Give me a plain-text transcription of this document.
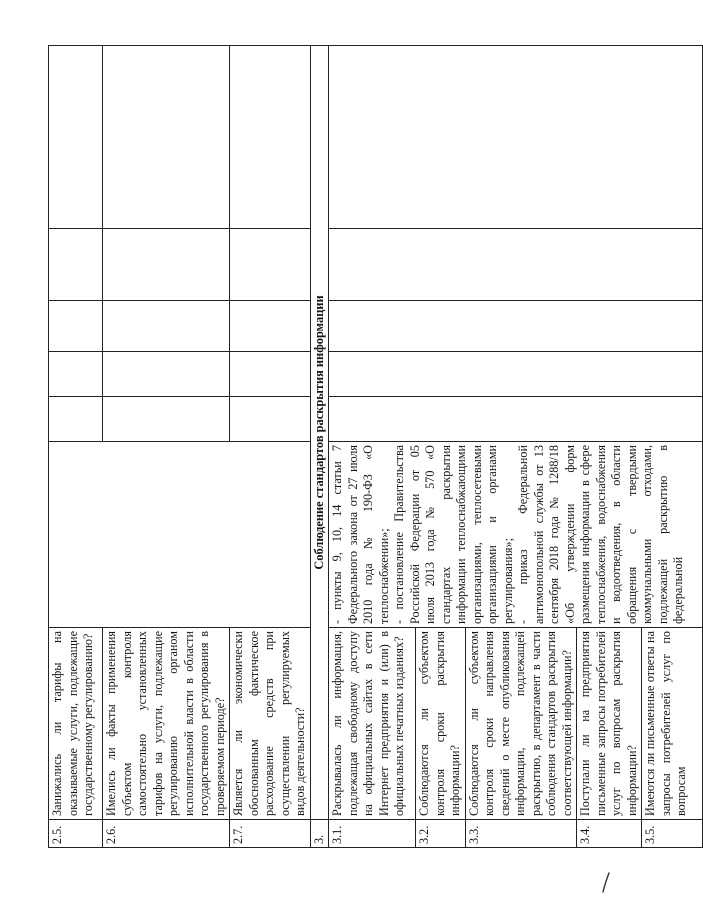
2.5.	Занижались ли тарифы на оказываемые услуги, подлежащие государственному регулированию?						
2.6.	Имелись ли факты применения субъектом контроля самостоятельно установленных тарифов на услуги, подлежащие регулированию органом исполнительной власти в области государственного регулирования в проверяемом периоде?						
2.7.	Является ли экономически обоснованным фактическое расходование средств при осуществлении регулируемых видов деятельности?						
3.	Соблюдение стандартов раскрытия информации						
3.1.	Раскрывалась ли информация, подлежащая свободному доступу на официальных сайтах в сети Интернет предприятия и (или) в официальных печатных изданиях?	- пункты 9, 10, 14 статьи 7 Федерального закона от 27 июля 2010 года № 190-ФЗ «О теплоснабжении»; - постановление Правительства Российской Федерации от 05 июля 2013 года № 570 «О стандартах раскрытия информации теплоснабжающими организациями, теплосетевыми организациями и органами регулирования»; - приказ Федеральной антимонопольной службы от 13 сентября 2018 года № 1288/18 «Об утверждении форм размещения информации в сфере теплоснабжения, водоснабжения и водоотведения, в области обращения с твердыми коммунальными отходами, подлежащей раскрытию в федеральной					

3.2.	Соблюдаются ли субъектом контроля сроки раскрытия информации?						
3.3.	Соблюдаются ли субъектом контроля сроки направления сведений о месте опубликования информации, подлежащей раскрытию, в департамент в части соблюдения стандартов раскрытия соответствующей информации?						
3.4.	Поступали ли на предприятия письменные запросы потребителей услуг по вопросам раскрытия информации?						
3.5.	Имеются ли письменные ответы на запросы потребителей услуг по вопросам						
